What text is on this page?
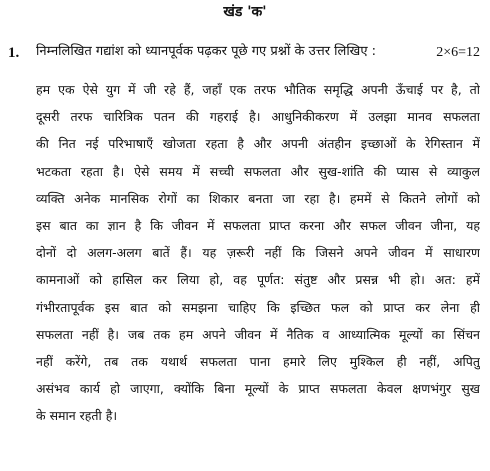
खंड 'क'
1. निम्नलिखित गद्यांश को ध्यानपूर्वक पढ़कर पूछे गए प्रश्नों के उत्तर लिखिए :	2×6=12
हम एक ऐसे युग में जी रहे हैं, जहाँ एक तरफ भौतिक समृद्धि अपनी ऊँचाई पर है, तो
दूसरी तरफ चारित्रिक पतन की गहराई है। आधुनिकीकरण में उलझा मानव सफलता
की नित नई परिभाषाएँ खोजता रहता है और अपनी अंतहीन इच्छाओं के रेगिस्तान में
भटकता रहता है। ऐसे समय में सच्ची सफलता और सुख-शांति की प्यास से व्याकुल
व्यक्ति अनेक मानसिक रोगों का शिकार बनता जा रहा है। हममें से कितने लोगों को
इस बात का ज्ञान है कि जीवन में सफलता प्राप्त करना और सफल जीवन जीना, यह
दोनों दो अलग-अलग बातें हैं। यह ज़रूरी नहीं कि जिसने अपने जीवन में साधारण
कामनाओं को हासिल कर लिया हो, वह पूर्णत: संतुष्ट और प्रसन्न भी हो। अत: हमें
गंभीरतापूर्वक इस बात को समझना चाहिए कि इच्छित फल को प्राप्त कर लेना ही
सफलता नहीं है। जब तक हम अपने जीवन में नैतिक व आध्यात्मिक मूल्यों का सिंचन
नहीं करेंगे, तब तक यथार्थ सफलता पाना हमारे लिए मुश्किल ही नहीं, अपितु
असंभव कार्य हो जाएगा, क्योंकि बिना मूल्यों के प्राप्त सफलता केवल क्षणभंगुर सुख
के समान रहती है।
